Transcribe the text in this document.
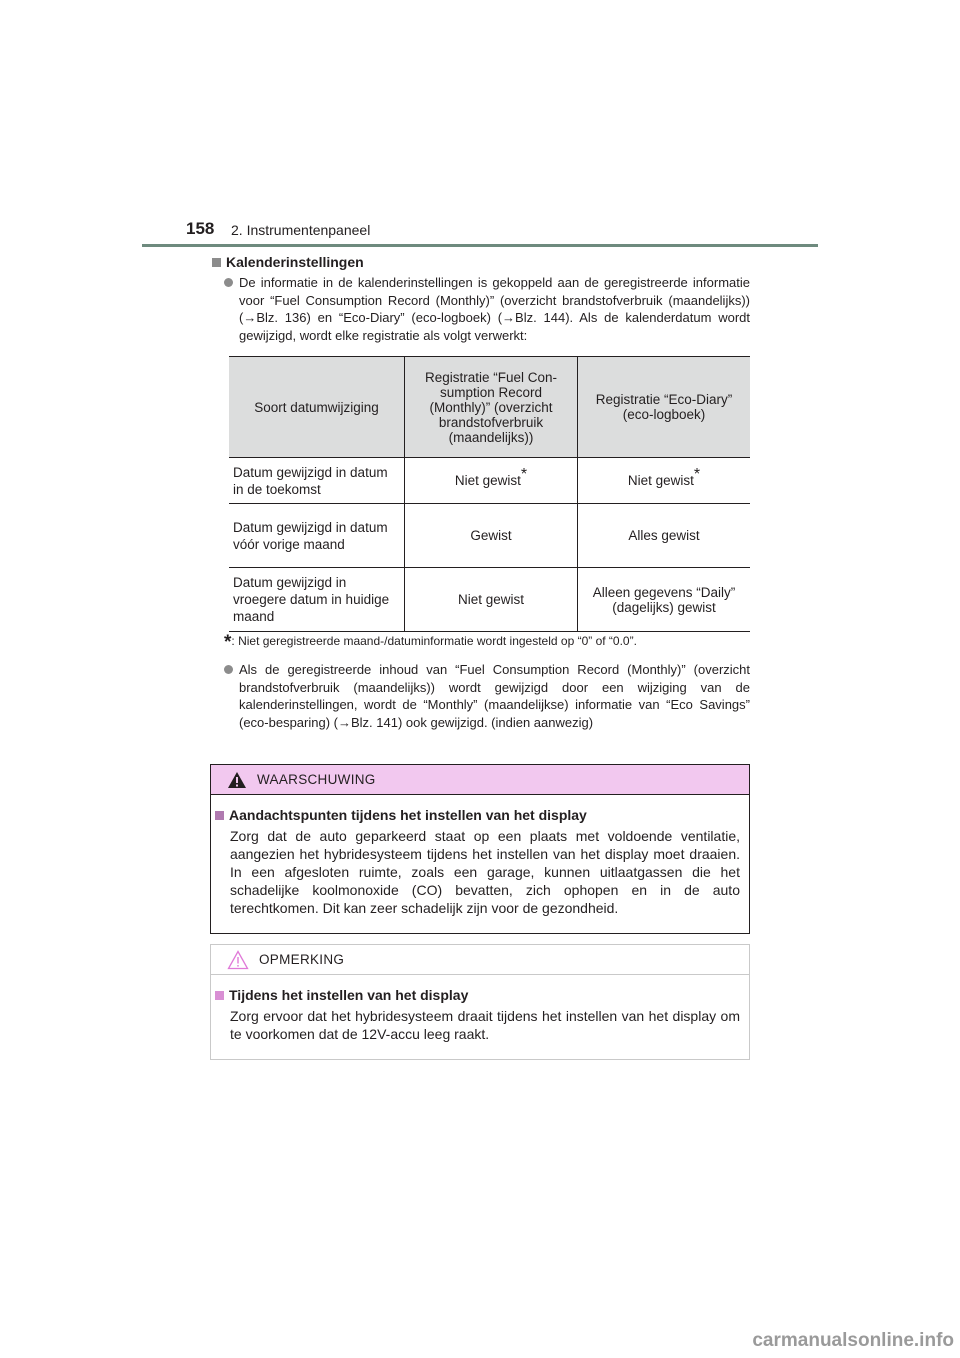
158 2. Instrumentenpaneel
Kalenderinstellingen
De informatie in de kalenderinstellingen is gekoppeld aan de geregistreerde informatie voor “Fuel Consumption Record (Monthly)” (overzicht brandstofverbruik (maandelijks)) (→Blz. 136) en “Eco-Diary” (eco-logboek) (→Blz. 144). Als de kalenderdatum wordt gewijzigd, wordt elke registratie als volgt verwerkt:
Soort datumwijziging	Registratie “Fuel Consumption Record (Monthly)” (overzicht brandstofverbruik (maandelijks))	Registratie “Eco-Diary” (eco-logboek)
Datum gewijzigd in datum in de toekomst	Niet gewist*	Niet gewist*
Datum gewijzigd in datum vóór vorige maand	Gewist	Alles gewist
Datum gewijzigd in vroegere datum in huidige maand	Niet gewist	Alleen gegevens “Daily” (dagelijks) gewist
*: Niet geregistreerde maand-/datuminformatie wordt ingesteld op “0” of “0.0”.
Als de geregistreerde inhoud van “Fuel Consumption Record (Monthly)” (overzicht brandstofverbruik (maandelijks)) wordt gewijzigd door een wijziging van de kalenderinstellingen, wordt de “Monthly” (maandelijkse) informatie van “Eco Savings” (eco-besparing) (→Blz. 141) ook gewijzigd. (indien aanwezig)
WAARSCHUWING
Aandachtspunten tijdens het instellen van het display
Zorg dat de auto geparkeerd staat op een plaats met voldoende ventilatie, aangezien het hybridesysteem tijdens het instellen van het display moet draaien. In een afgesloten ruimte, zoals een garage, kunnen uitlaatgassen die het schadelijke koolmonoxide (CO) bevatten, zich ophopen en in de auto terechtkomen. Dit kan zeer schadelijk zijn voor de gezondheid.
OPMERKING
Tijdens het instellen van het display
Zorg ervoor dat het hybridesysteem draait tijdens het instellen van het display om te voorkomen dat de 12V-accu leeg raakt.
carmanualsonline.info
